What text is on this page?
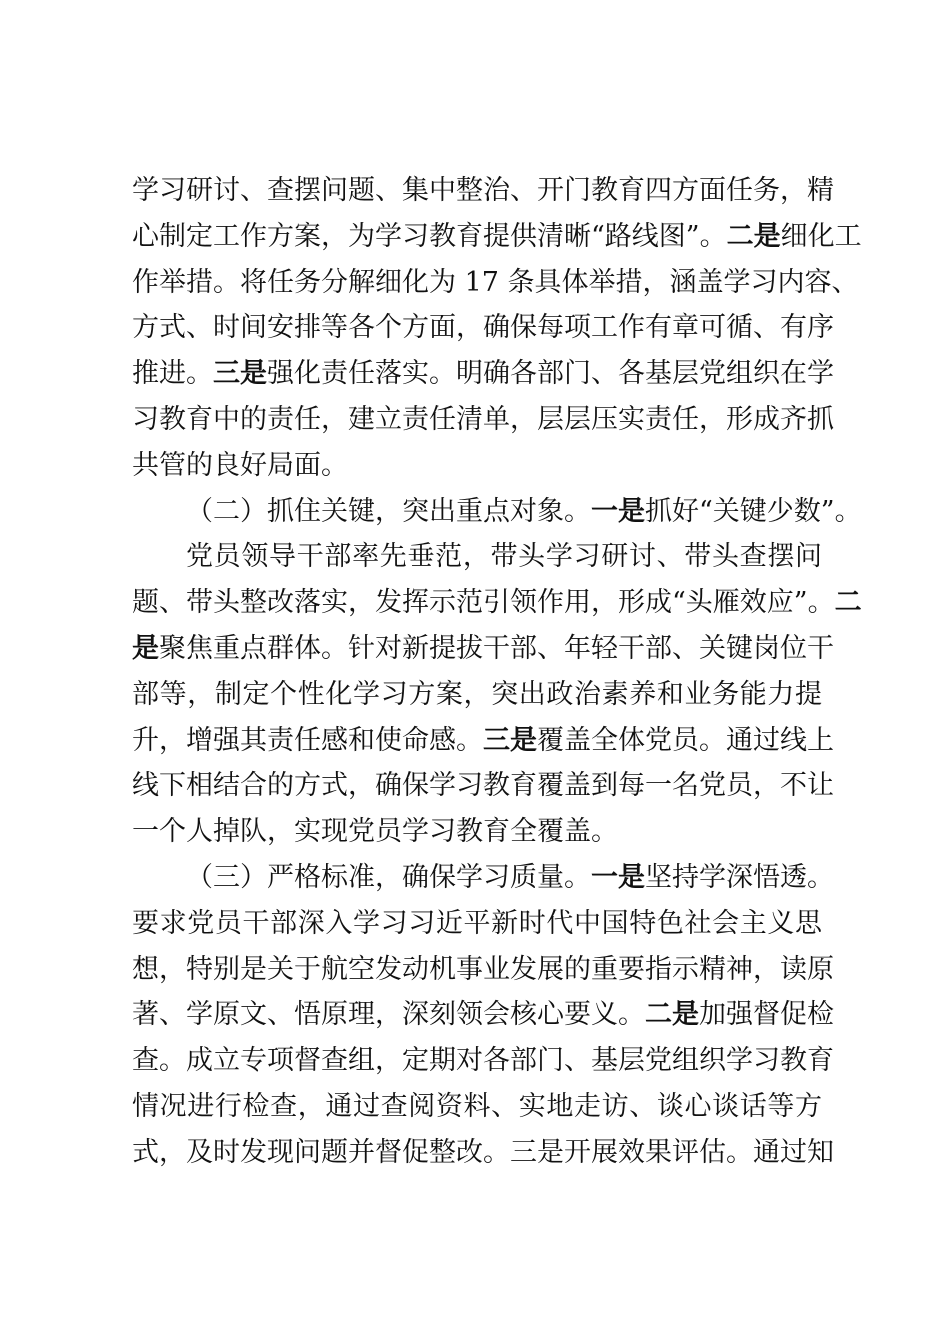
学习研讨、查摆问题、集中整治、开门教育四方面任务，精
心制定工作方案，为学习教育提供清晰“路线图”。二是细化工
作举措。将任务分解细化为 17 条具体举措，涵盖学习内容、
方式、时间安排等各个方面，确保每项工作有章可循、有序
推进。三是强化责任落实。明确各部门、各基层党组织在学
习教育中的责任，建立责任清单，层层压实责任，形成齐抓
共管的良好局面。
（二）抓住关键，突出重点对象。一是抓好“关键少数”。
党员领导干部率先垂范，带头学习研讨、带头查摆问
题、带头整改落实，发挥示范引领作用，形成“头雁效应”。二
是聚焦重点群体。针对新提拔干部、年轻干部、关键岗位干
部等，制定个性化学习方案，突出政治素养和业务能力提
升，增强其责任感和使命感。三是覆盖全体党员。通过线上
线下相结合的方式，确保学习教育覆盖到每一名党员，不让
一个人掉队，实现党员学习教育全覆盖。
（三）严格标准，确保学习质量。一是坚持学深悟透。
要求党员干部深入学习习近平新时代中国特色社会主义思
想，特别是关于航空发动机事业发展的重要指示精神，读原
著、学原文、悟原理，深刻领会核心要义。二是加强督促检
查。成立专项督查组，定期对各部门、基层党组织学习教育
情况进行检查，通过查阅资料、实地走访、谈心谈话等方
式，及时发现问题并督促整改。三是开展效果评估。通过知
